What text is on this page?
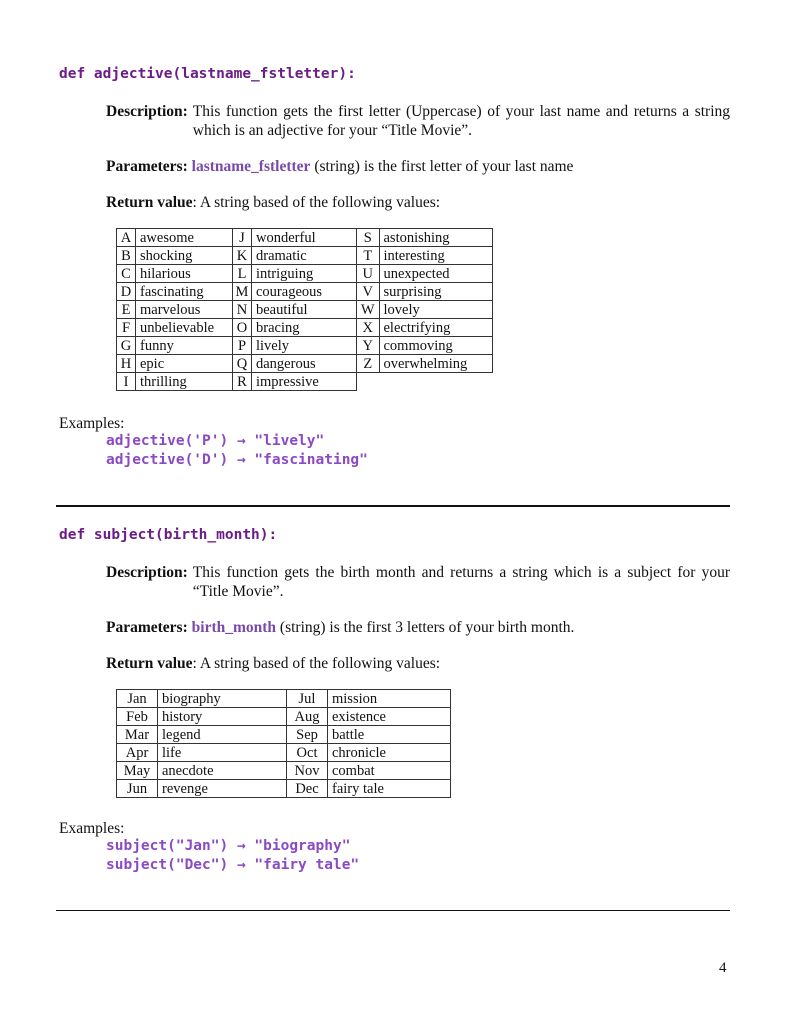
def adjective(lastname_fstletter):
Description: This function gets the first letter (Uppercase) of your last name and returns a string which is an adjective for your “Title Movie”.
Parameters: lastname_fstletter (string) is the first letter of your last name
Return value: A string based of the following values:
A	awesome	J	wonderful	S	astonishing
B	shocking	K	dramatic	T	interesting
C	hilarious	L	intriguing	U	unexpected
D	fascinating	M	courageous	V	surprising
E	marvelous	N	beautiful	W	lovely
F	unbelievable	O	bracing	X	electrifying
G	funny	P	lively	Y	commoving
H	epic	Q	dangerous	Z	overwhelming
I	thrilling	R	impressive		
Examples:
adjective('P') → "lively"
adjective('D') → "fascinating"
def subject(birth_month):
Description: This function gets the birth month and returns a string which is a subject for your “Title Movie”.
Parameters: birth_month (string) is the first 3 letters of your birth month.
Return value: A string based of the following values:
Jan	biography	Jul	mission
Feb	history	Aug	existence
Mar	legend	Sep	battle
Apr	life	Oct	chronicle
May	anecdote	Nov	combat
Jun	revenge	Dec	fairy tale
Examples:
subject("Jan") → "biography"
subject("Dec") → "fairy tale"
4
